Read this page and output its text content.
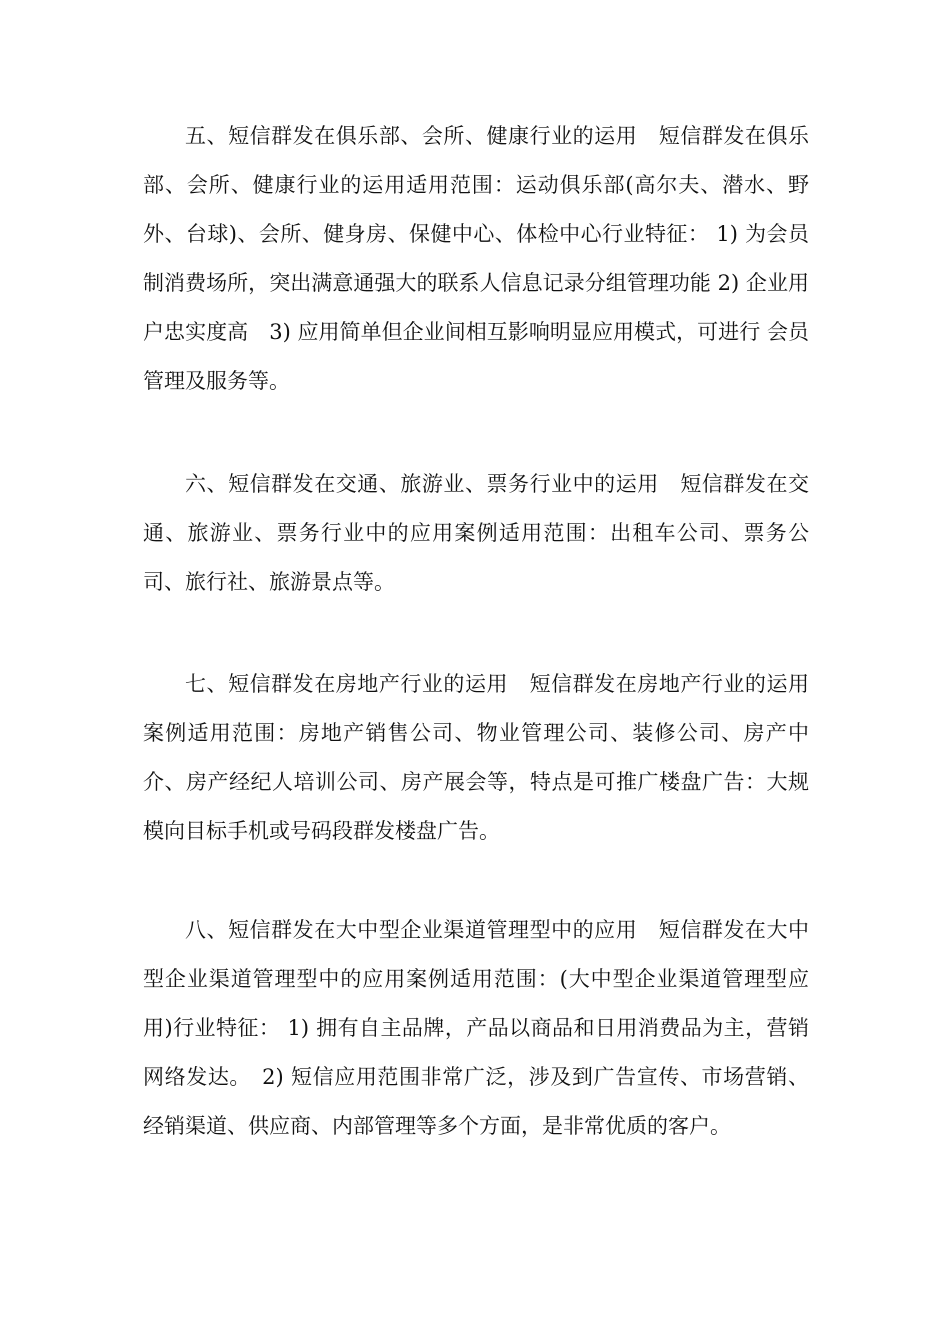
五、短信群发在俱乐部、会所、健康行业的运用　短信群发在俱乐部、会所、健康行业的运用适用范围：运动俱乐部(高尔夫、潜水、野外、台球)、会所、健身房、保健中心、体检中心行业特征： 1) 为会员制消费场所，突出满意通强大的联系人信息记录分组管理功能 2) 企业用户忠实度高　3) 应用简单但企业间相互影响明显应用模式，可进行 会员管理及服务等。

六、短信群发在交通、旅游业、票务行业中的运用　短信群发在交通、旅游业、票务行业中的应用案例适用范围：出租车公司、票务公司、旅行社、旅游景点等。

七、短信群发在房地产行业的运用　短信群发在房地产行业的运用案例适用范围：房地产销售公司、物业管理公司、装修公司、房产中介、房产经纪人培训公司、房产展会等，特点是可推广楼盘广告：大规模向目标手机或号码段群发楼盘广告。

八、短信群发在大中型企业渠道管理型中的应用　短信群发在大中型企业渠道管理型中的应用案例适用范围：(大中型企业渠道管理型应用)行业特征： 1) 拥有自主品牌，产品以商品和日用消费品为主，营销网络发达。　2) 短信应用范围非常广泛，涉及到广告宣传、市场营销、经销渠道、供应商、内部管理等多个方面，是非常优质的客户。
